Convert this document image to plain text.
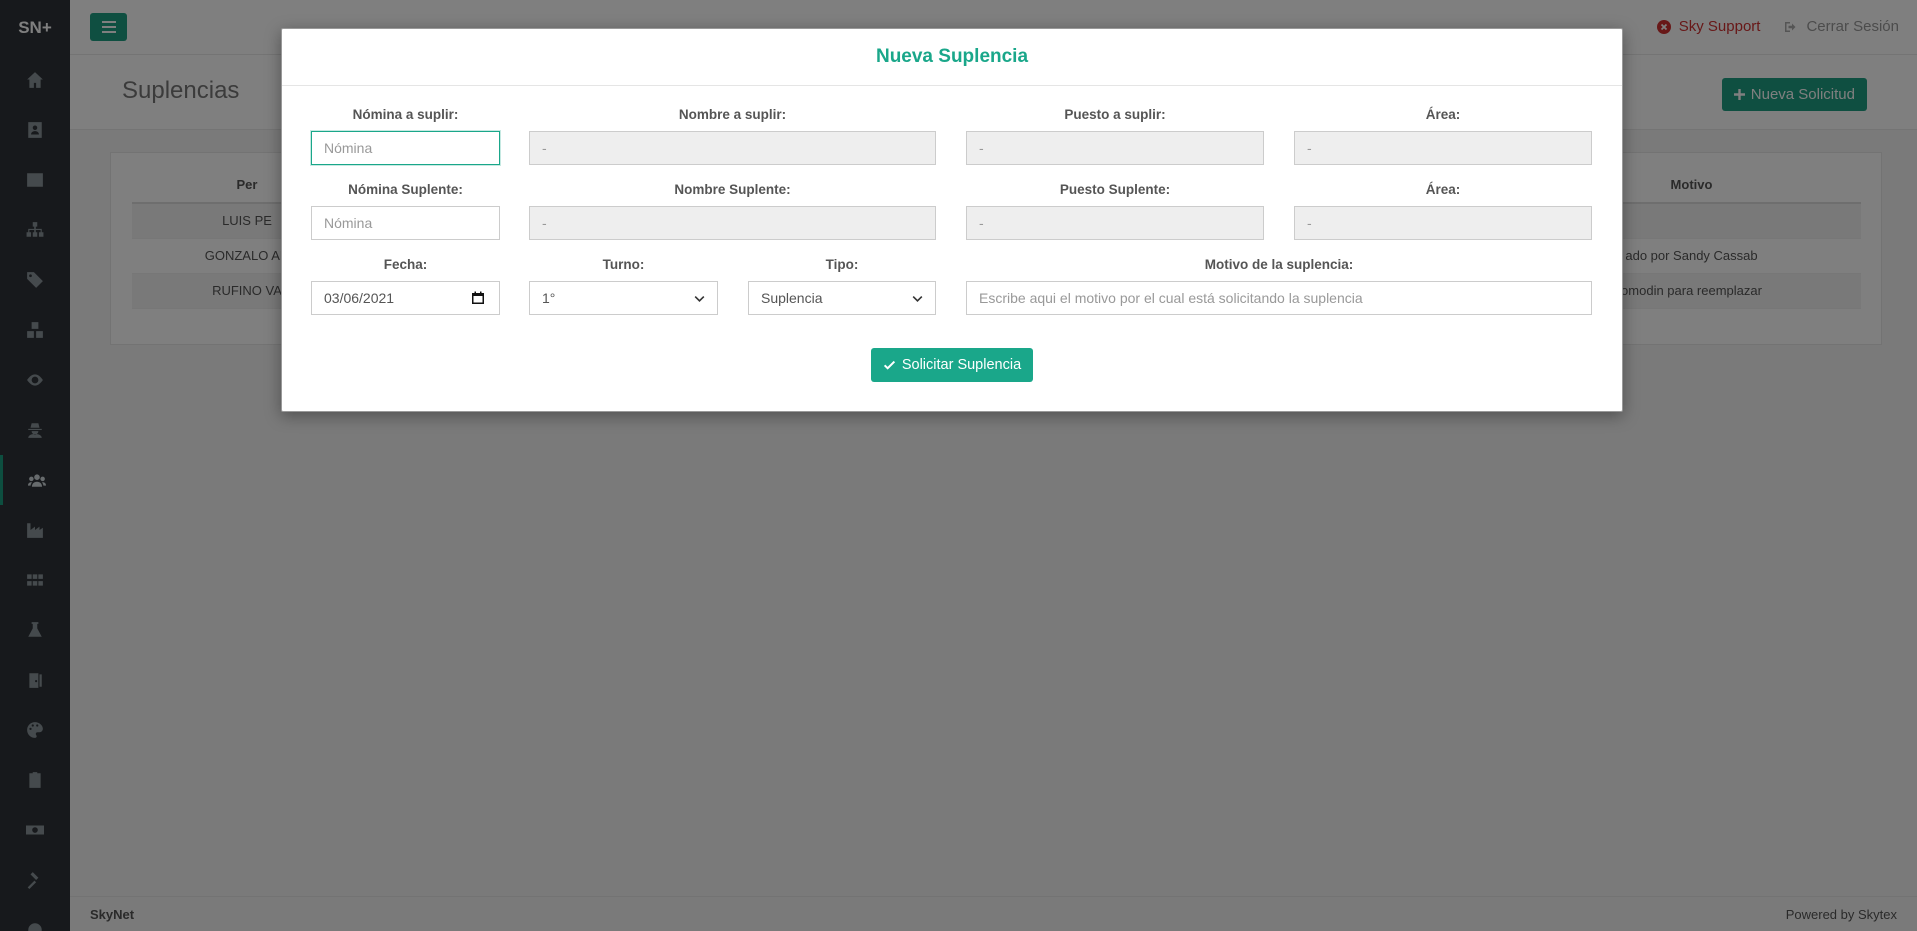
Nueva Suplencia
Nómina a suplir:
Nómina
Nombre a suplir:
-
Puesto a suplir:
-
Área:
-
Nómina Suplente:
Nómina
Nombre Suplente:
-
Puesto Suplente:
-
Área:
-
Fecha:
03/06/2021
Turno:
1°
Tipo:
Suplencia
Motivo de la suplencia:
Escribe aqui el motivo por el cual está solicitando la suplencia
Solicitar Suplencia
